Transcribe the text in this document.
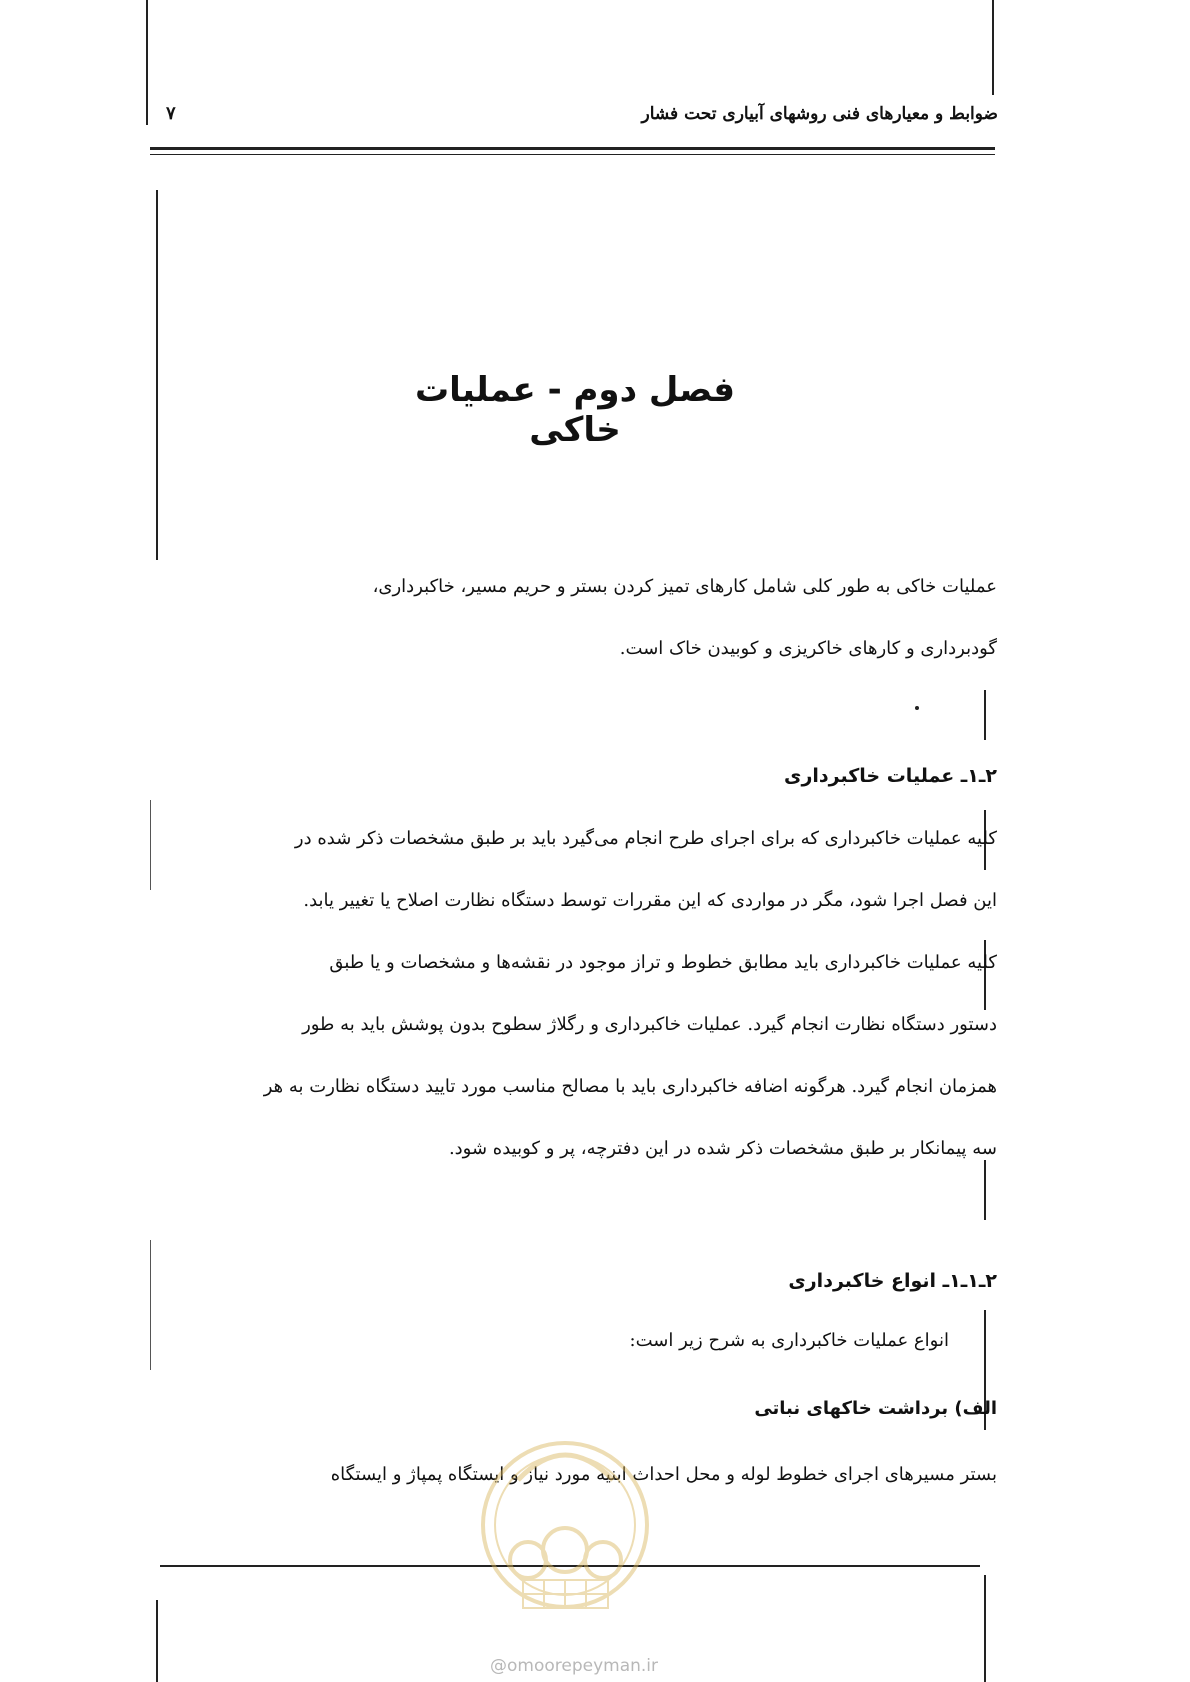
ضوابط و معیارهای فنی روشهای آبیاری تحت فشار
۷
فصل دوم - عملیات خاکی
عملیات خاکی به طور کلی شامل کارهای تمیز کردن بستر و حریم مسیر، خاکبرداری،
گودبرداری و کارهای خاکریزی و کوبیدن خاک است.
۲ـ۱ـ عملیات خاکبرداری
کلیه عملیات خاکبرداری که برای اجرای طرح انجام می‌گیرد باید بر طبق مشخصات ذکر شده در
این فصل اجرا شود، مگر در مواردی که این مقررات توسط دستگاه نظارت اصلاح یا تغییر یابد.
کلیه عملیات خاکبرداری باید مطابق خطوط و تراز موجود در نقشه‌ها و مشخصات و یا طبق
دستور دستگاه نظارت انجام گیرد. عملیات خاکبرداری و رگلاژ سطوح بدون پوشش باید به طور
همزمان انجام گیرد. هرگونه اضافه خاکبرداری باید با مصالح مناسب مورد تایید دستگاه نظارت به هر
سه پیمانکار بر طبق مشخصات ذکر شده در این دفترچه، پر و کوبیده شود.
۲ـ۱ـ۱ـ انواع خاکبرداری
انواع عملیات خاکبرداری به شرح زیر است:
الف) برداشت خاکهای نباتی
بستر مسیرهای اجرای خطوط لوله و محل احداث ابنیه مورد نیاز و ایستگاه پمپاژ و ایستگاه
@omoorepeyman.ir
